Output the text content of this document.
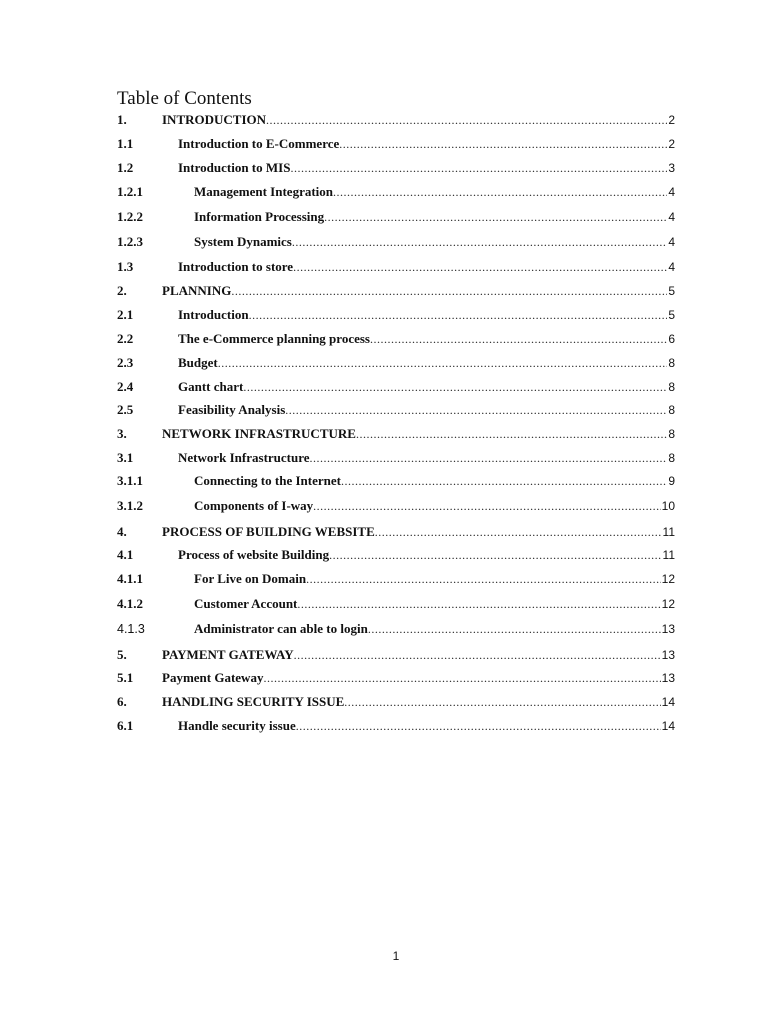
Table of Contents
1.	INTRODUCTION .....	2
1.1	Introduction to E-Commerce .....	2
1.2	Introduction to MIS .....	3
1.2.1	Management Integration .....	4
1.2.2	Information Processing .....	4
1.2.3	System Dynamics .....	4
1.3	Introduction to store .....	4
2.	PLANNING .....	5
2.1	Introduction .....	5
2.2	The e-Commerce planning process .....	6
2.3	Budget .....	8
2.4	Gantt chart .....	8
2.5	Feasibility Analysis .....	8
3.	NETWORK INFRASTRUCTURE .....	8
3.1	Network Infrastructure .....	8
3.1.1	Connecting to the Internet .....	9
3.1.2	Components of I-way .....	10
4.	PROCESS OF BUILDING WEBSITE .....	11
4.1	Process of website Building .....	11
4.1.1	For Live on Domain .....	12
4.1.2	Customer Account .....	12
4.1.3	Administrator can able to login .....	13
5.	PAYMENT GATEWAY .....	13
5.1	Payment Gateway .....	13
6.	HANDLING SECURITY ISSUE .....	14
6.1	Handle security issue .....	14
1
